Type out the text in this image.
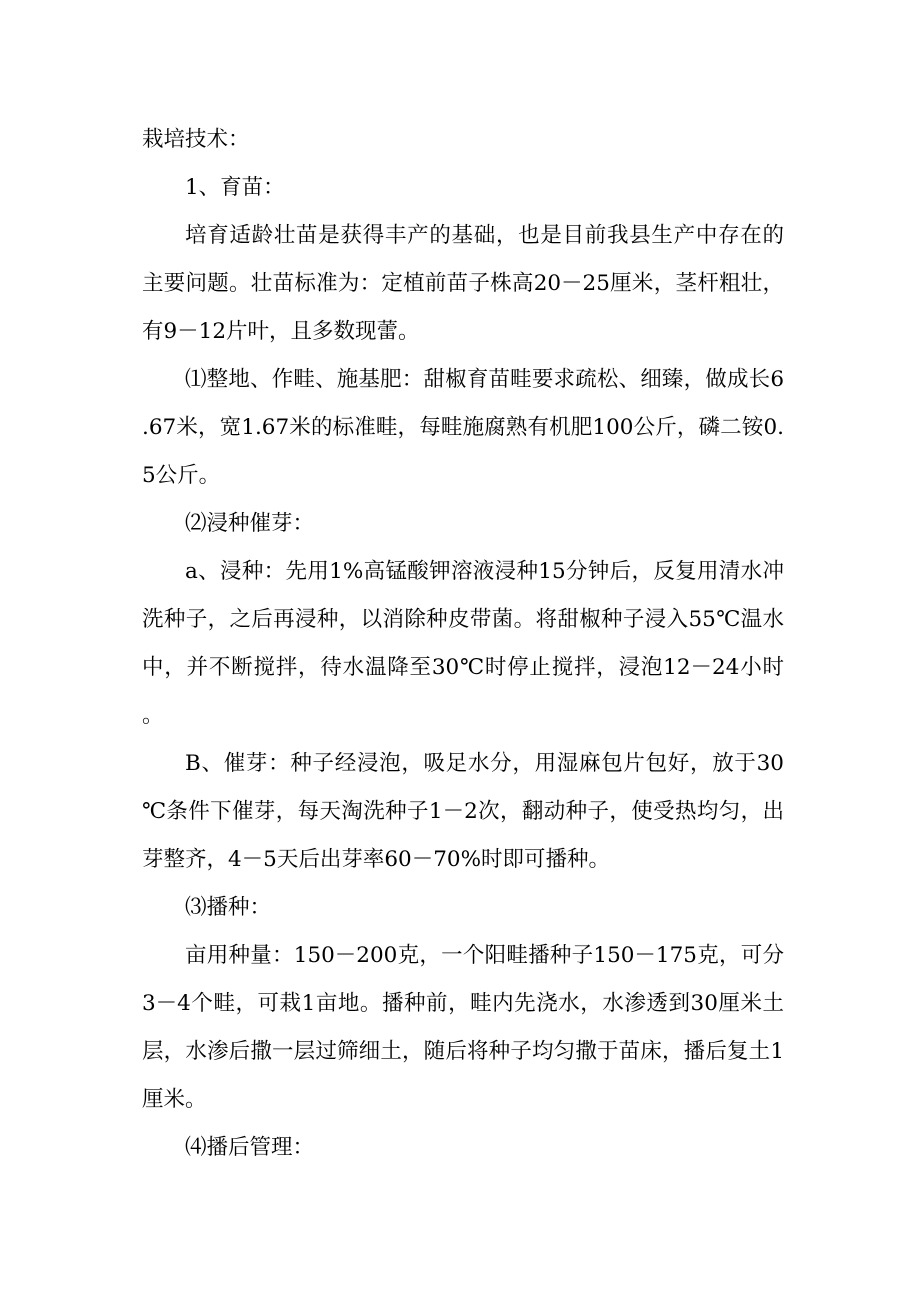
栽培技术：

1、育苗：

培育适龄壮苗是获得丰产的基础，也是目前我县生产中存在的主要问题。壮苗标准为：定植前苗子株高20－25厘米，茎杆粗壮，有9－12片叶，且多数现蕾。

⑴整地、作畦、施基肥：甜椒育苗畦要求疏松、细臻，做成长6.67米，宽1.67米的标准畦，每畦施腐熟有机肥100公斤，磷二铵0.5公斤。

⑵浸种催芽：

a、浸种：先用1%高锰酸钾溶液浸种15分钟后，反复用清水冲洗种子，之后再浸种，以消除种皮带菌。将甜椒种子浸入55℃温水中，并不断搅拌，待水温降至30℃时停止搅拌，浸泡12－24小时。

B、催芽：种子经浸泡，吸足水分，用湿麻包片包好，放于30℃条件下催芽，每天淘洗种子1－2次，翻动种子，使受热均匀，出芽整齐，4－5天后出芽率60－70%时即可播种。

⑶播种：

亩用种量：150－200克，一个阳畦播种子150－175克，可分3－4个畦，可栽1亩地。播种前，畦内先浇水，水渗透到30厘米土层，水渗后撒一层过筛细土，随后将种子均匀撒于苗床，播后复土1厘米。

⑷播后管理：
